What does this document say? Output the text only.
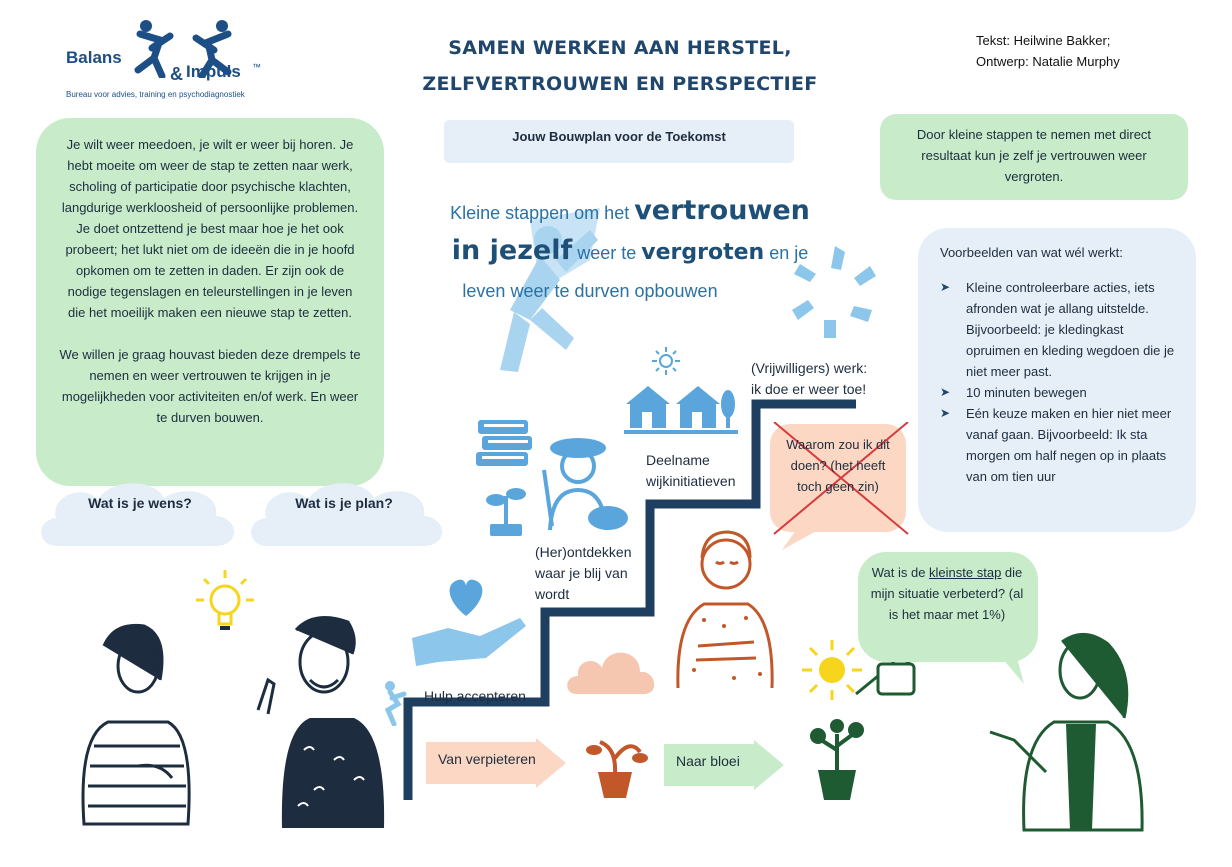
Balans
& Impuls ™
Bureau voor advies, training en psychodiagnostiek
SAMEN WERKEN AAN HERSTEL,
ZELFVERTROUWEN EN PERSPECTIEF
Tekst: Heilwine Bakker;
Ontwerp: Natalie Murphy
Jouw Bouwplan voor de Toekomst
Je wilt weer meedoen, je wilt er weer bij horen. Je hebt moeite om weer de stap te zetten naar werk, scholing of participatie door psychische klachten, langdurige werkloosheid of persoonlijke problemen. Je doet ontzettend je best maar hoe je het ook probeert; het lukt niet om de ideeën die in je hoofd opkomen om te zetten in daden. Er zijn ook de nodige tegenslagen en teleurstellingen in je leven die het moeilijk maken een nieuwe stap te zetten.
We willen je graag houvast bieden deze drempels te nemen en weer vertrouwen te krijgen in je mogelijkheden voor activiteiten en/of werk. En weer te durven bouwen.
Door kleine stappen te nemen met direct resultaat kun je zelf je vertrouwen weer vergroten.
Voorbeelden van wat wél werkt:
➤ Kleine controleerbare acties, iets afronden wat je allang uitstelde. Bijvoorbeeld: je kledingkast opruimen en kleding wegdoen die je niet meer past.
➤ 10 minuten bewegen
➤ Eén keuze maken en hier niet meer vanaf gaan. Bijvoorbeeld: Ik sta morgen om half negen op in plaats van om tien uur
Kleine stappen om het vertrouwen
in jezelf weer te vergroten en je
leven weer te durven opbouwen
(Vrijwilligers) werk:
ik doe er weer toe!
Deelname wijkinitiatieven
(Her)ontdekken waar je blij van wordt
Hulp accepteren
Waarom zou ik dit doen? (het heeft toch geen zin)
Wat is je wens?	Wat is je plan?
Van verpieteren	Naar bloei
Wat is de kleinste stap die mijn situatie verbeterd? (al is het maar met 1%)
